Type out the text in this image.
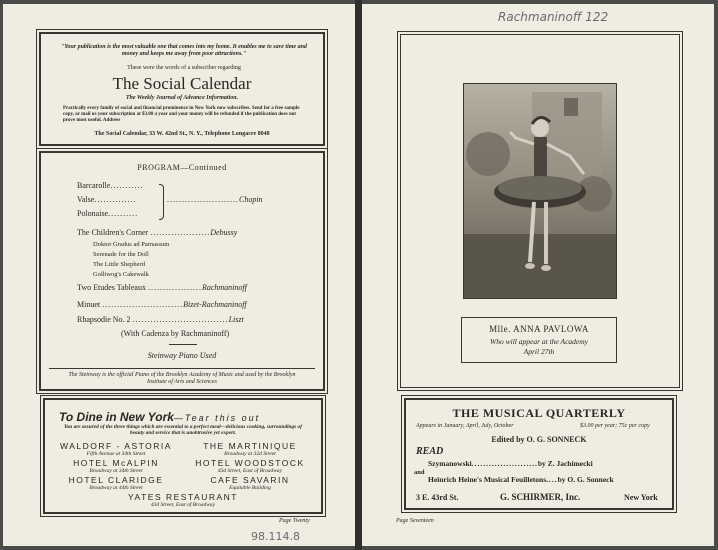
"Your publication is the most valuable one that comes into my home. It enables me to save time and money and keeps me away from poor attractions."
These were the words of a subscriber regarding
The Social Calendar
The Weekly Journal of Advance Information.
Practically every family of social and financial prominence in New York now subscribes. Send for a free sample copy, or mail us your subscription at $3.00 a year and your money will be refunded if the publication does not prove most useful. Address
The Social Calendar, 33 W. 42nd St., N. Y., Telephone Longacre 8048
PROGRAM—Continued
Barcarolle...........
Valse..............
Polonaise..........
........................Chopin
The Children's Corner ....................Debussy
Doktor Gradus ad Parnassum
Serenade for the Doll
The Little Shepherd
Golliwog's Cakewalk
Two Etudes Tableaux ..................Rachmaninoff
Minuet ...........................Bizet-Rachmaninoff
Rhapsodie No. 2 ................................Liszt
(With Cadenza by Rachmaninoff)
Steinway Piano Used
The Steinway is the official Piano of the Brooklyn Academy of Music and used by the Brooklyn Institute of Arts and Sciences
To Dine in New York—Tear this out
You are assured of the three things which are essential to a perfect meal—delicious cooking, surroundings of beauty and service that is unobtrusive yet expert.
WALDORF - ASTORIA
Fifth Avenue at 34th Street
THE MARTINIQUE
Broadway at 32d Street
HOTEL McALPIN
Broadway at 34th Street
HOTEL WOODSTOCK
43d Street, East of Broadway
HOTEL CLARIDGE
Broadway at 44th Street
CAFE SAVARIN
Equitable Building
YATES RESTAURANT
43d Street, East of Broadway
Page Twenty
98.114.8
Rachmaninoff 122
Mlle. ANNA PAVLOWA
Who will appear at the Academy
April 27th
THE MUSICAL QUARTERLY
Appears in January, April, July, October	$3.00 per year; 75c per copy
Edited by O. G. SONNECK
READ
Szymanowski.......................by Z. Jachimecki
and
Heinrich Heine's Musical Feuilletons....by O. G. Sonneck
3 E. 43rd St.	G. SCHIRMER, Inc.	New York
Page Seventeen
